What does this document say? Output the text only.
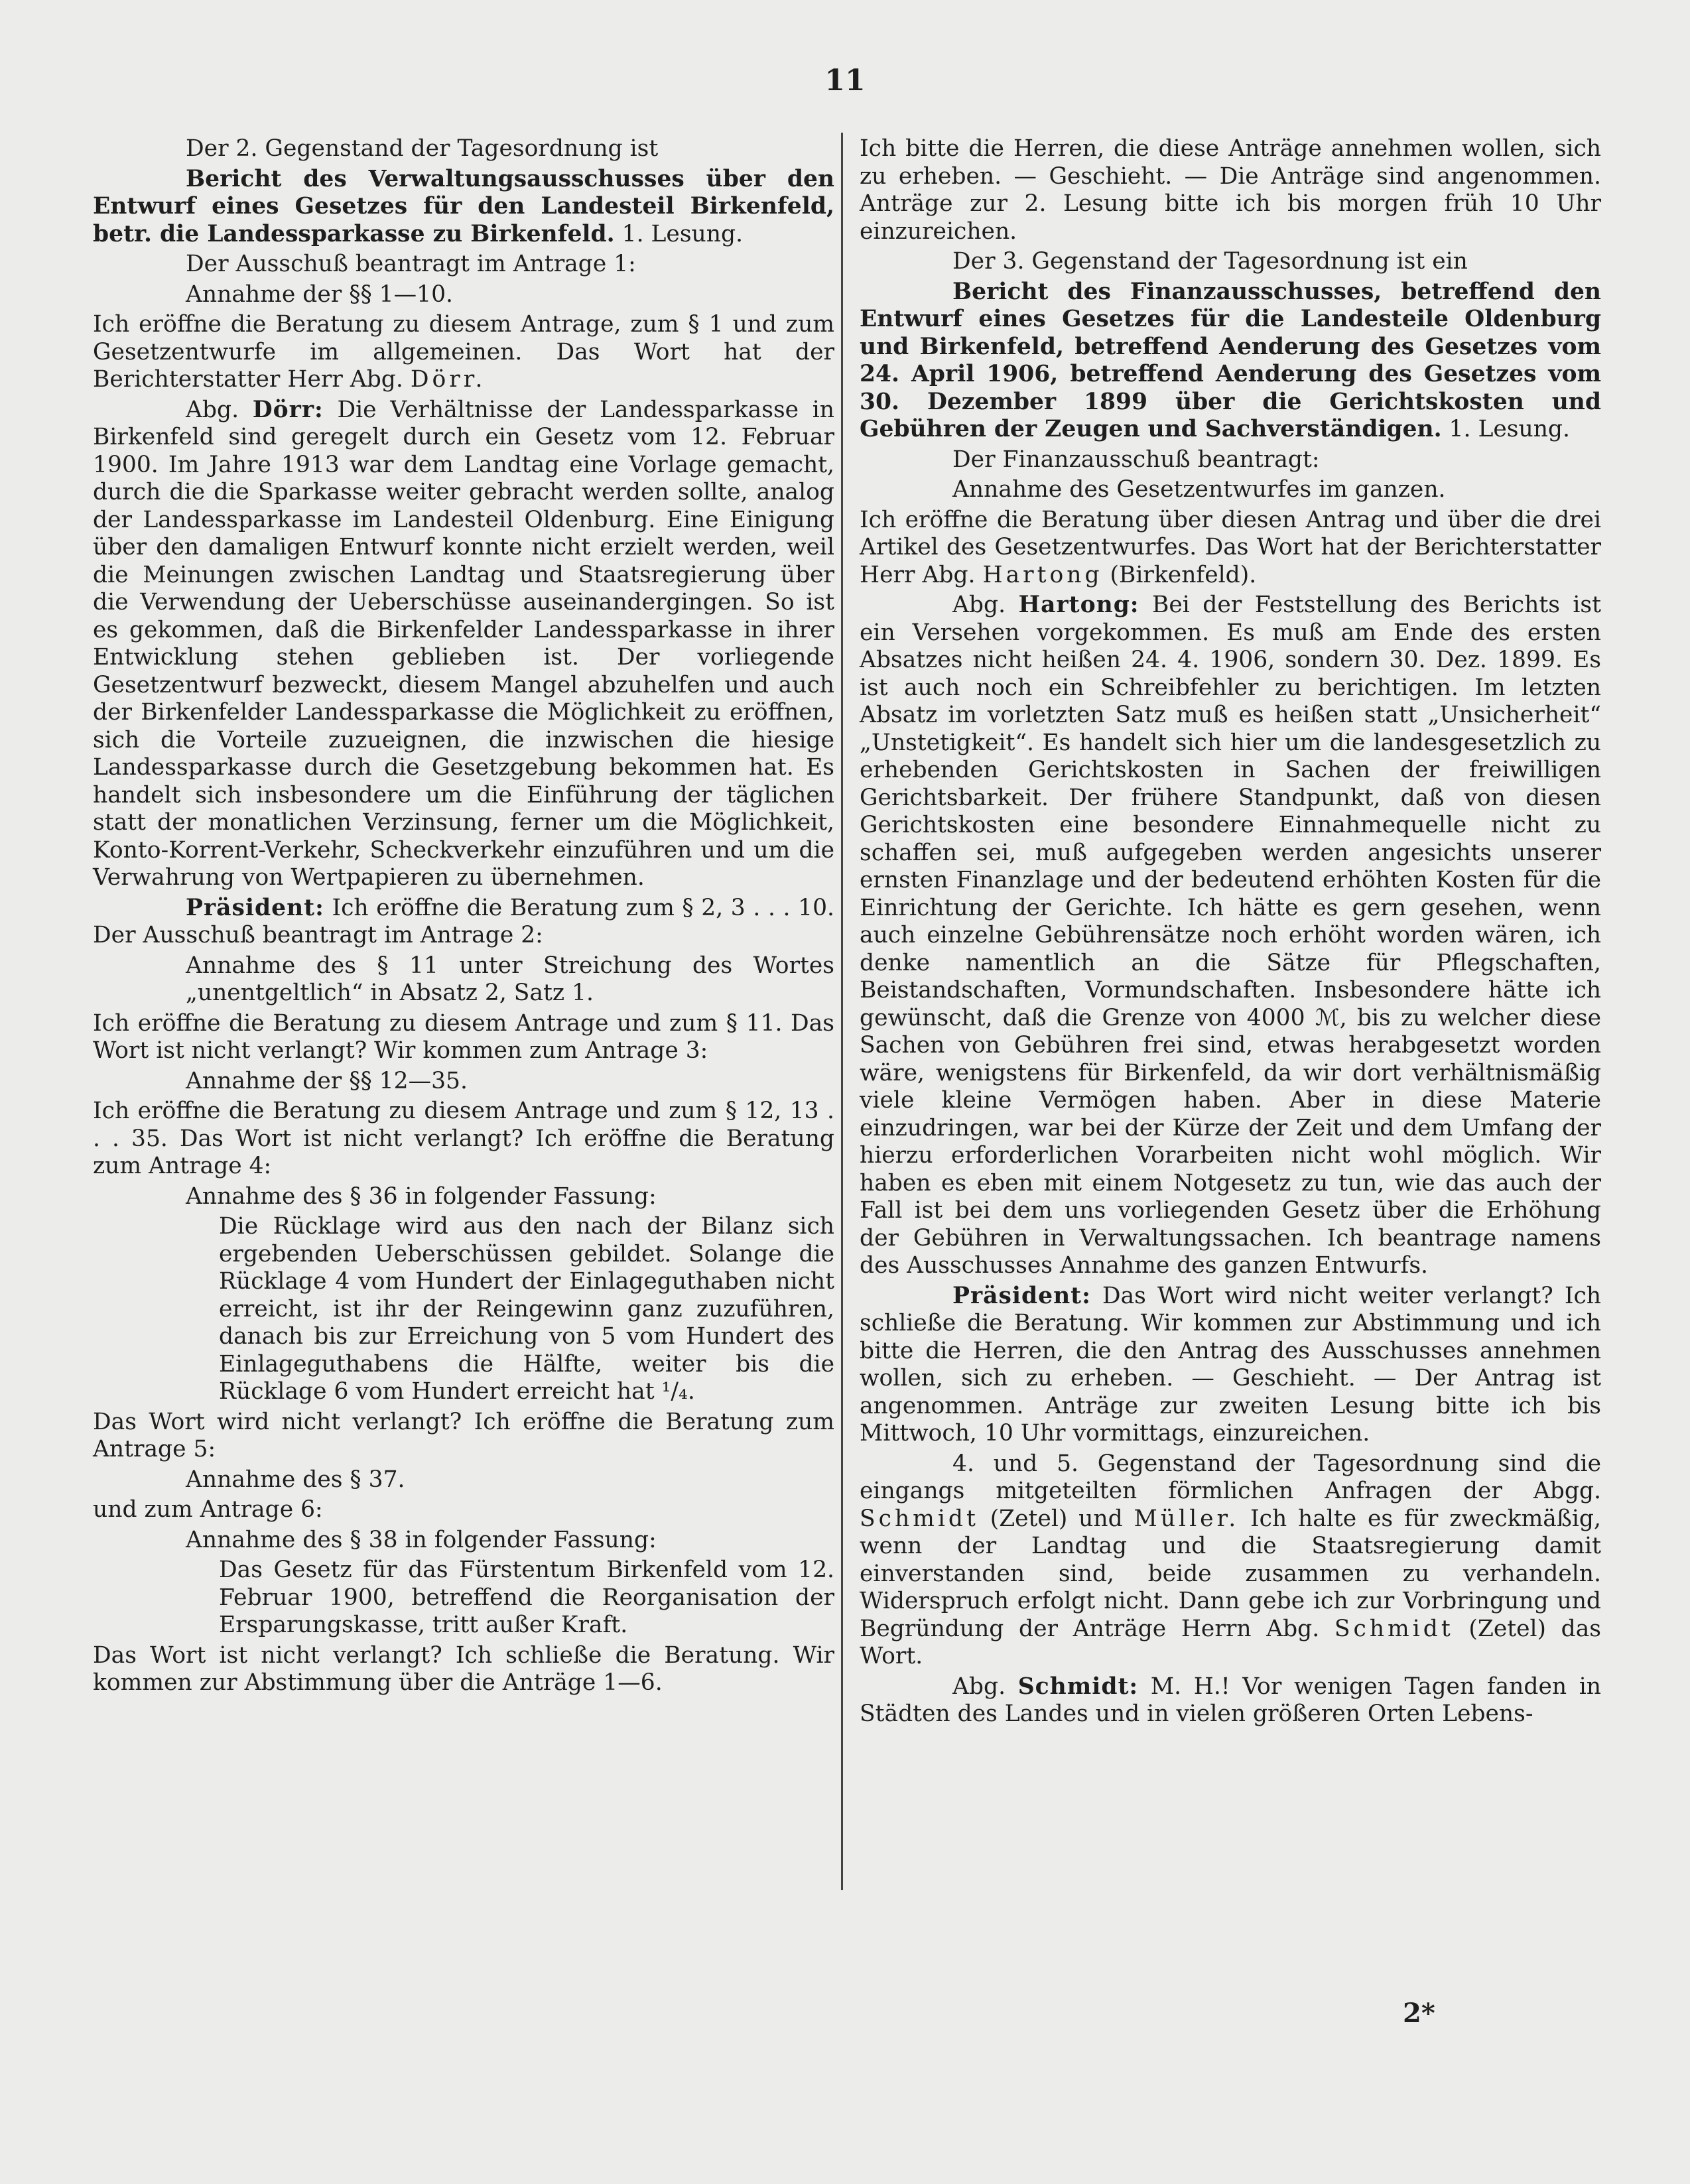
11

Der 2. Gegenstand der Tagesordnung ist

Bericht des Verwaltungsausschusses über den Entwurf eines Gesetzes für den Landesteil Birkenfeld, betr. die Landessparkasse zu Birkenfeld. 1. Lesung.

Der Ausschuß beantragt im Antrage 1:

Annahme der §§ 1—10.

Ich eröffne die Beratung zu diesem Antrage, zum § 1 und zum Gesetzentwurfe im allgemeinen. Das Wort hat der Berichterstatter Herr Abg. Dörr.

Abg. Dörr: Die Verhältnisse der Landessparkasse in Birkenfeld sind geregelt durch ein Gesetz vom 12. Februar 1900. Im Jahre 1913 war dem Landtag eine Vorlage gemacht, durch die die Sparkasse weiter gebracht werden sollte, analog der Landessparkasse im Landesteil Oldenburg. Eine Einigung über den damaligen Entwurf konnte nicht erzielt werden, weil die Meinungen zwischen Landtag und Staatsregierung über die Verwendung der Ueberschüsse auseinandergingen. So ist es gekommen, daß die Birkenfelder Landessparkasse in ihrer Entwicklung stehen geblieben ist. Der vorliegende Gesetzentwurf bezweckt, diesem Mangel abzuhelfen und auch der Birkenfelder Landessparkasse die Möglichkeit zu eröffnen, sich die Vorteile zuzueignen, die inzwischen die hiesige Landessparkasse durch die Gesetzgebung bekommen hat. Es handelt sich insbesondere um die Einführung der täglichen statt der monatlichen Verzinsung, ferner um die Möglichkeit, Konto-Korrent-Verkehr, Scheckverkehr einzuführen und um die Verwahrung von Wertpapieren zu übernehmen.

Präsident: Ich eröffne die Beratung zum § 2, 3 . . . 10. Der Ausschuß beantragt im Antrage 2:

Annahme des § 11 unter Streichung des Wortes „unentgeltlich“ in Absatz 2, Satz 1.

Ich eröffne die Beratung zu diesem Antrage und zum § 11. Das Wort ist nicht verlangt? Wir kommen zum Antrage 3:

Annahme der §§ 12—35.

Ich eröffne die Beratung zu diesem Antrage und zum § 12, 13 . . . 35. Das Wort ist nicht verlangt? Ich eröffne die Beratung zum Antrage 4:

Annahme des § 36 in folgender Fassung:

Die Rücklage wird aus den nach der Bilanz sich ergebenden Ueberschüssen gebildet. Solange die Rücklage 4 vom Hundert der Einlageguthaben nicht erreicht, ist ihr der Reingewinn ganz zuzuführen, danach bis zur Erreichung von 5 vom Hundert des Einlageguthabens die Hälfte, weiter bis die Rücklage 6 vom Hundert erreicht hat ¹/₄.

Das Wort wird nicht verlangt? Ich eröffne die Beratung zum Antrage 5:

Annahme des § 37.

und zum Antrage 6:

Annahme des § 38 in folgender Fassung:

Das Gesetz für das Fürstentum Birkenfeld vom 12. Februar 1900, betreffend die Reorganisation der Ersparungskasse, tritt außer Kraft.

Das Wort ist nicht verlangt? Ich schließe die Beratung. Wir kommen zur Abstimmung über die Anträge 1—6.

Ich bitte die Herren, die diese Anträge annehmen wollen, sich zu erheben. — Geschieht. — Die Anträge sind angenommen. Anträge zur 2. Lesung bitte ich bis morgen früh 10 Uhr einzureichen.

Der 3. Gegenstand der Tagesordnung ist ein

Bericht des Finanzausschusses, betreffend den Entwurf eines Gesetzes für die Landesteile Oldenburg und Birkenfeld, betreffend Aenderung des Gesetzes vom 24. April 1906, betreffend Aenderung des Gesetzes vom 30. Dezember 1899 über die Gerichtskosten und Gebühren der Zeugen und Sachverständigen. 1. Lesung.

Der Finanzausschuß beantragt:

Annahme des Gesetzentwurfes im ganzen.

Ich eröffne die Beratung über diesen Antrag und über die drei Artikel des Gesetzentwurfes. Das Wort hat der Berichterstatter Herr Abg. Hartong (Birkenfeld).

Abg. Hartong: Bei der Feststellung des Berichts ist ein Versehen vorgekommen. Es muß am Ende des ersten Absatzes nicht heißen 24. 4. 1906, sondern 30. Dez. 1899. Es ist auch noch ein Schreibfehler zu berichtigen. Im letzten Absatz im vorletzten Satz muß es heißen statt „Unsicherheit“ „Unstetigkeit“. Es handelt sich hier um die landesgesetzlich zu erhebenden Gerichtskosten in Sachen der freiwilligen Gerichtsbarkeit. Der frühere Standpunkt, daß von diesen Gerichtskosten eine besondere Einnahmequelle nicht zu schaffen sei, muß aufgegeben werden angesichts unserer ernsten Finanzlage und der bedeutend erhöhten Kosten für die Einrichtung der Gerichte. Ich hätte es gern gesehen, wenn auch einzelne Gebührensätze noch erhöht worden wären, ich denke namentlich an die Sätze für Pflegschaften, Beistandschaften, Vormundschaften. Insbesondere hätte ich gewünscht, daß die Grenze von 4000 ℳ, bis zu welcher diese Sachen von Gebühren frei sind, etwas herabgesetzt worden wäre, wenigstens für Birkenfeld, da wir dort verhältnismäßig viele kleine Vermögen haben. Aber in diese Materie einzudringen, war bei der Kürze der Zeit und dem Umfang der hierzu erforderlichen Vorarbeiten nicht wohl möglich. Wir haben es eben mit einem Notgesetz zu tun, wie das auch der Fall ist bei dem uns vorliegenden Gesetz über die Erhöhung der Gebühren in Verwaltungssachen. Ich beantrage namens des Ausschusses Annahme des ganzen Entwurfs.

Präsident: Das Wort wird nicht weiter verlangt? Ich schließe die Beratung. Wir kommen zur Abstimmung und ich bitte die Herren, die den Antrag des Ausschusses annehmen wollen, sich zu erheben. — Geschieht. — Der Antrag ist angenommen. Anträge zur zweiten Lesung bitte ich bis Mittwoch, 10 Uhr vormittags, einzureichen.

4. und 5. Gegenstand der Tagesordnung sind die eingangs mitgeteilten förmlichen Anfragen der Abgg. Schmidt (Zetel) und Müller. Ich halte es für zweckmäßig, wenn der Landtag und die Staatsregierung damit einverstanden sind, beide zusammen zu verhandeln. Widerspruch erfolgt nicht. Dann gebe ich zur Vorbringung und Begründung der Anträge Herrn Abg. Schmidt (Zetel) das Wort.

Abg. Schmidt: M. H.! Vor wenigen Tagen fanden in Städten des Landes und in vielen größeren Orten Lebens-

2*
